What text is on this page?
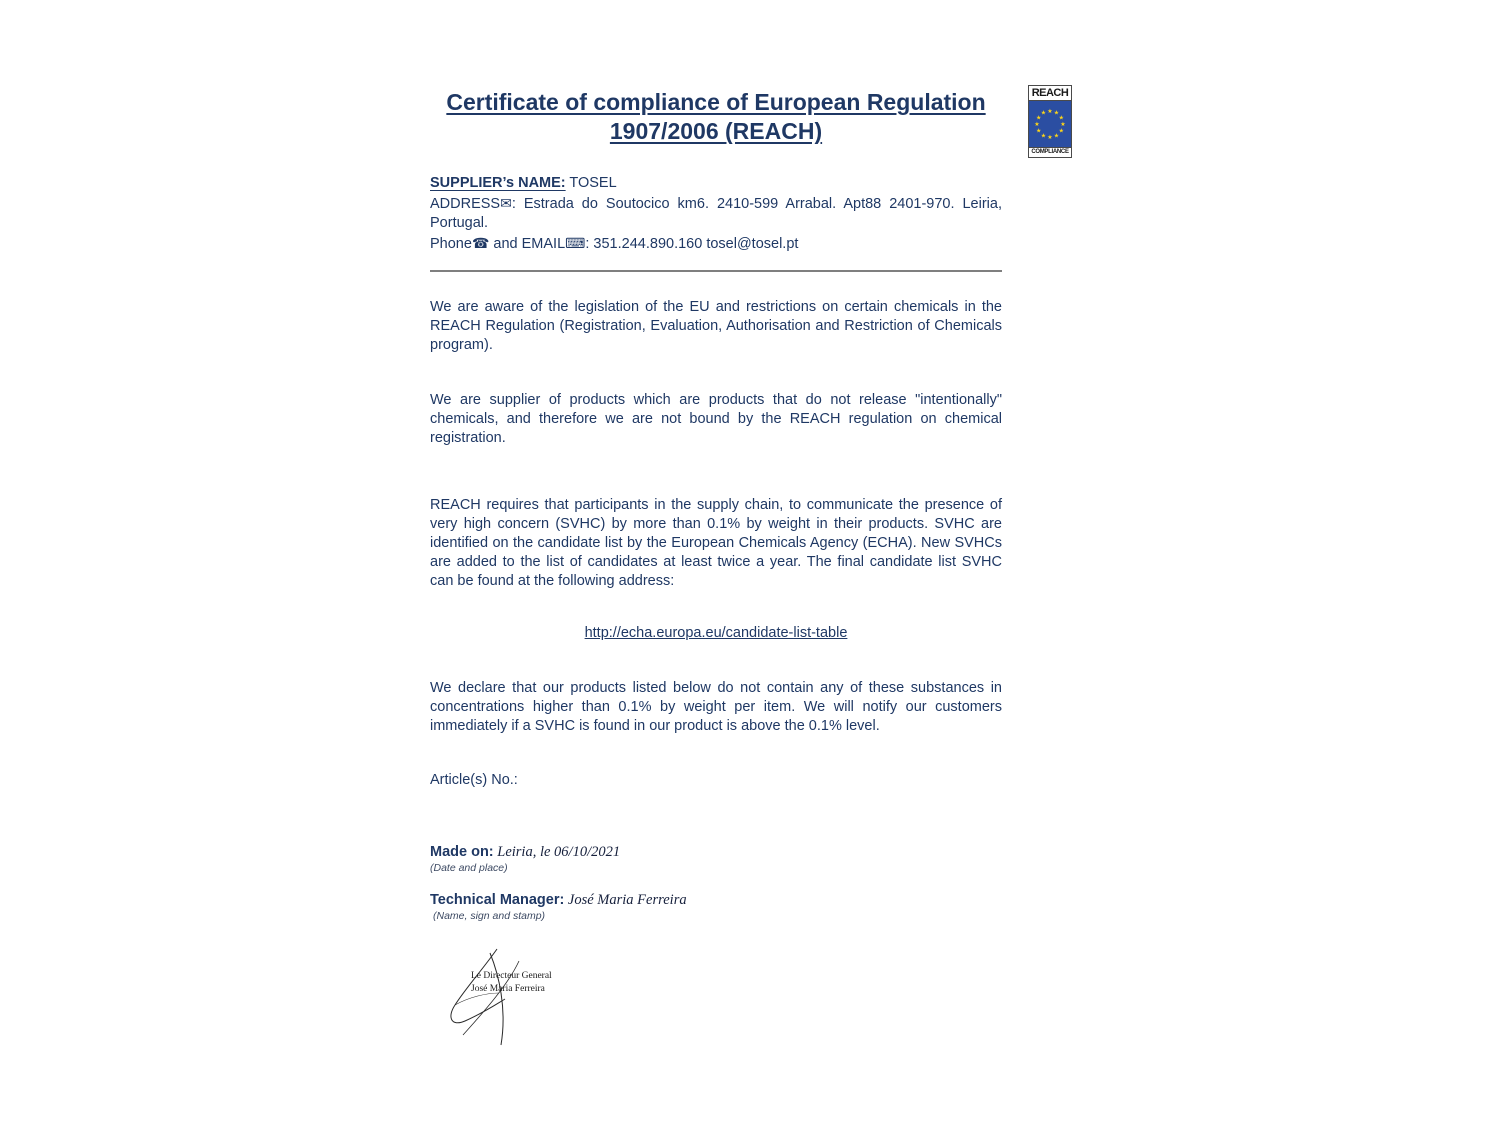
Certificate of compliance of European Regulation
1907/2006 (REACH)
SUPPLIER’s NAME: TOSEL
ADDRESS✉: Estrada do Soutocico km6. 2410-599 Arrabal. Apt88 2401-970. Leiria, Portugal.
Phone☎ and EMAIL⌨: 351.244.890.160 tosel@tosel.pt
We are aware of the legislation of the EU and restrictions on certain chemicals in the REACH Regulation (Registration, Evaluation, Authorisation and Restriction of Chemicals program).
We are supplier of products which are products that do not release "intentionally" chemicals, and therefore we are not bound by the REACH regulation on chemical registration.
REACH requires that participants in the supply chain, to communicate the presence of very high concern (SVHC) by more than 0.1% by weight in their products. SVHC are identified on the candidate list by the European Chemicals Agency (ECHA). New SVHCs are added to the list of candidates at least twice a year. The final candidate list SVHC can be found at the following address:
http://echa.europa.eu/candidate-list-table
We declare that our products listed below do not contain any of these substances in concentrations higher than 0.1% by weight per item. We will notify our customers immediately if a SVHC is found in our product is above the 0.1% level.
Article(s) No.:
Made on: Leiria, le 06/10/2021
(Date and place)
Technical Manager: José Maria Ferreira
(Name, sign and stamp)
Le Directeur General
José Maria Ferreira
REACH
★ ★
★
★
★
★
★
★
★
★
★
★
COMPLIANCE
